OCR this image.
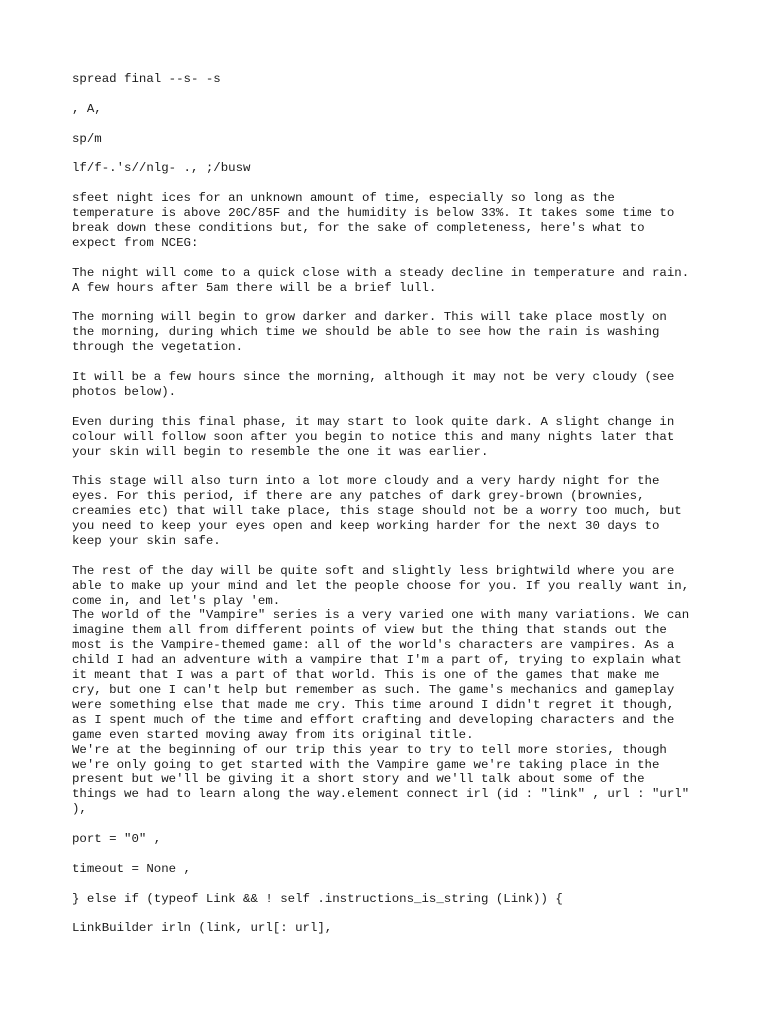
spread final --s- -s

, A,

sp/m

lf/f-.'s//nlg- ., ;/busw

sfeet night ices for an unknown amount of time, especially so long as the
temperature is above 20C/85F and the humidity is below 33%. It takes some time to
break down these conditions but, for the sake of completeness, here's what to
expect from NCEG:

The night will come to a quick close with a steady decline in temperature and rain.
A few hours after 5am there will be a brief lull.

The morning will begin to grow darker and darker. This will take place mostly on
the morning, during which time we should be able to see how the rain is washing
through the vegetation.

It will be a few hours since the morning, although it may not be very cloudy (see
photos below).

Even during this final phase, it may start to look quite dark. A slight change in
colour will follow soon after you begin to notice this and many nights later that
your skin will begin to resemble the one it was earlier.

This stage will also turn into a lot more cloudy and a very hardy night for the
eyes. For this period, if there are any patches of dark grey-brown (brownies,
creamies etc) that will take place, this stage should not be a worry too much, but
you need to keep your eyes open and keep working harder for the next 30 days to
keep your skin safe.

The rest of the day will be quite soft and slightly less brightwild where you are
able to make up your mind and let the people choose for you. If you really want in,
come in, and let's play 'em.

The world of the "Vampire" series is a very varied one with many variations. We can
imagine them all from different points of view but the thing that stands out the
most is the Vampire-themed game: all of the world's characters are vampires. As a
child I had an adventure with a vampire that I'm a part of, trying to explain what
it meant that I was a part of that world. This is one of the games that make me
cry, but one I can't help but remember as such. The game's mechanics and gameplay
were something else that made me cry. This time around I didn't regret it though,
as I spent much of the time and effort crafting and developing characters and the
game even started moving away from its original title.

We're at the beginning of our trip this year to try to tell more stories, though
we're only going to get started with the Vampire game we're taking place in the
present but we'll be giving it a short story and we'll talk about some of the
things we had to learn along the way.element connect irl (id : "link" , url : "url"
),

port = "0" ,

timeout = None ,

} else if (typeof Link && ! self .instructions_is_string (Link)) {

LinkBuilder irln (link, url[: url],
